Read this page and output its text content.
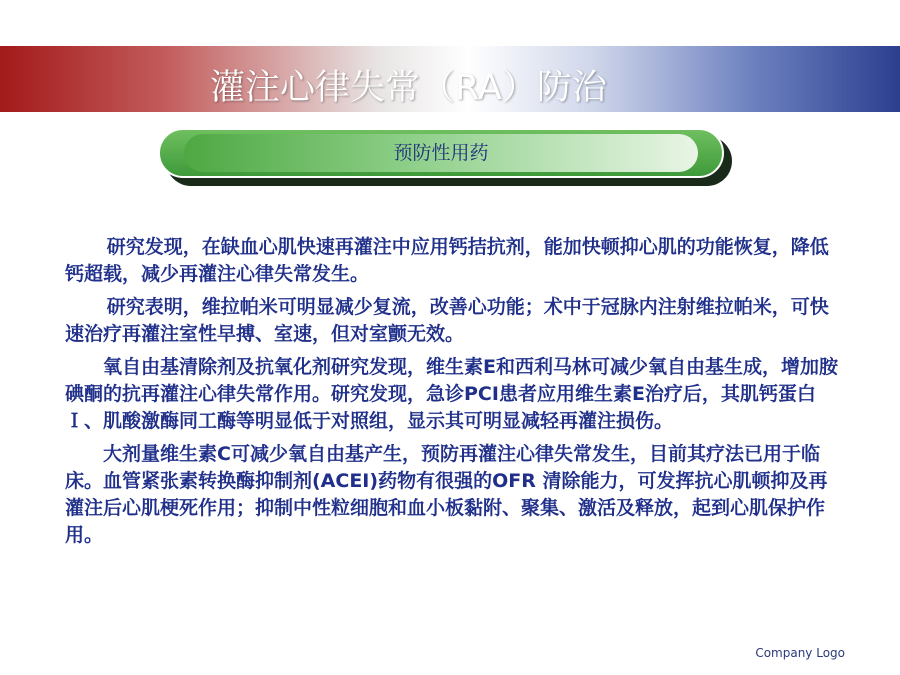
灌注心律失常（RA）防治
预防性用药

研究发现，在缺血心肌快速再灌注中应用钙拮抗剂，能加快顿抑心肌的功能恢复，降低钙超载，减少再灌注心律失常发生。

研究表明，维拉帕米可明显减少复流，改善心功能；术中于冠脉内注射维拉帕米，可快速治疗再灌注室性早搏、室速，但对室颤无效。

氧自由基清除剂及抗氧化剂研究发现，维生素E和西利马林可减少氧自由基生成，增加胺碘酮的抗再灌注心律失常作用。研究发现，急诊PCI患者应用维生素E治疗后，其肌钙蛋白Ｉ、肌酸激酶同工酶等明显低于对照组，显示其可明显减轻再灌注损伤。

大剂量维生素C可减少氧自由基产生，预防再灌注心律失常发生，目前其疗法已用于临床。血管紧张素转换酶抑制剂(ACEI)药物有很强的OFR 清除能力，可发挥抗心肌顿抑及再灌注后心肌梗死作用；抑制中性粒细胞和血小板黏附、聚集、激活及释放，起到心肌保护作用。

Company Logo
